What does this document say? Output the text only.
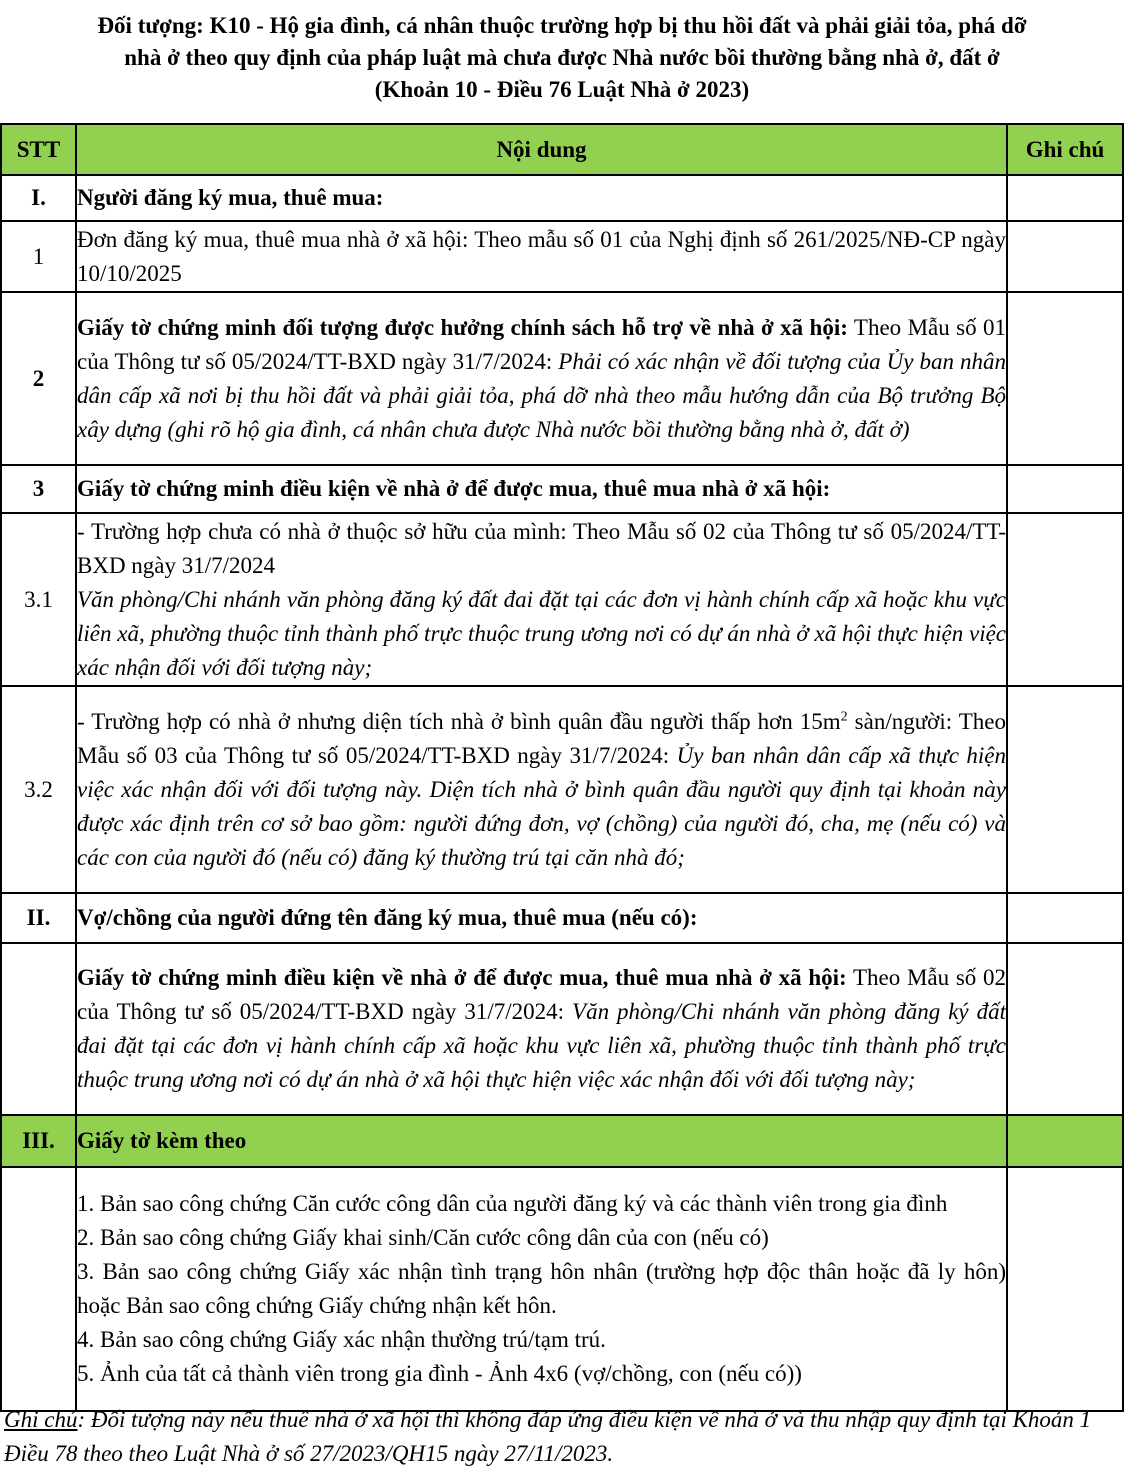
Đối tượng: K10 - Hộ gia đình, cá nhân thuộc trường hợp bị thu hồi đất và phải giải tỏa, phá dỡ
nhà ở theo quy định của pháp luật mà chưa được Nhà nước bồi thường bằng nhà ở, đất ở
(Khoản 10 - Điều 76 Luật Nhà ở 2023)
STT	Nội dung	Ghi chú
I.	Người đăng ký mua, thuê mua:	
1	Đơn đăng ký mua, thuê mua nhà ở xã hội: Theo mẫu số 01 của Nghị định số 261/2025/NĐ-CP ngày 10/10/2025	
2	Giấy tờ chứng minh đối tượng được hưởng chính sách hỗ trợ về nhà ở xã hội: Theo Mẫu số 01 của Thông tư số 05/2024/TT-BXD ngày 31/7/2024: Phải có xác nhận về đối tượng của Ủy ban nhân dân cấp xã nơi bị thu hồi đất và phải giải tỏa, phá dỡ nhà theo mẫu hướng dẫn của Bộ trưởng Bộ xây dựng (ghi rõ hộ gia đình, cá nhân chưa được Nhà nước bồi thường bằng nhà ở, đất ở)	
3	Giấy tờ chứng minh điều kiện về nhà ở để được mua, thuê mua nhà ở xã hội:	
3.1	- Trường hợp chưa có nhà ở thuộc sở hữu của mình: Theo Mẫu số 02 của Thông tư số 05/2024/TT-BXD ngày 31/7/2024

Văn phòng/Chi nhánh văn phòng đăng ký đất đai đặt tại các đơn vị hành chính cấp xã hoặc khu vực liên xã, phường thuộc tỉnh thành phố trực thuộc trung ương nơi có dự án nhà ở xã hội thực hiện việc xác nhận đối với đối tượng này;	

3.2	- Trường hợp có nhà ở nhưng diện tích nhà ở bình quân đầu người thấp hơn $15m^2$ sàn/người: Theo Mẫu số 03 của Thông tư số 05/2024/TT-BXD ngày 31/7/2024: Ủy ban nhân dân cấp xã thực hiện việc xác nhận đối với đối tượng này. Diện tích nhà ở bình quân đầu người quy định tại khoản này được xác định trên cơ sở bao gồm: người đứng đơn, vợ (chồng) của người đó, cha, mẹ (nếu có) và các con của người đó (nếu có) đăng ký thường trú tại căn nhà đó;	
II.	Vợ/chồng của người đứng tên đăng ký mua, thuê mua (nếu có):	
	Giấy tờ chứng minh điều kiện về nhà ở để được mua, thuê mua nhà ở xã hội: Theo Mẫu số 02 của Thông tư số 05/2024/TT-BXD ngày 31/7/2024: Văn phòng/Chi nhánh văn phòng đăng ký đất đai đặt tại các đơn vị hành chính cấp xã hoặc khu vực liên xã, phường thuộc tỉnh thành phố trực thuộc trung ương nơi có dự án nhà ở xã hội thực hiện việc xác nhận đối với đối tượng này;	
III.	Giấy tờ kèm theo	

	1. Bản sao công chứng Căn cước công dân của người đăng ký và các thành viên trong gia đình

2. Bản sao công chứng Giấy khai sinh/Căn cước công dân của con (nếu có)

3. Bản sao công chứng Giấy xác nhận tình trạng hôn nhân (trường hợp độc thân hoặc đã ly hôn) hoặc Bản sao công chứng Giấy chứng nhận kết hôn.

4. Bản sao công chứng Giấy xác nhận thường trú/tạm trú.

5. Ảnh của tất cả thành viên trong gia đình - Ảnh 4x6 (vợ/chồng, con (nếu có))	

Ghi chú: Đối tượng này nếu thuê nhà ở xã hội thì không đáp ứng điều kiện về nhà ở và thu nhập quy định tại Khoản 1 Điều 78 theo theo Luật Nhà ở số 27/2023/QH15 ngày 27/11/2023.
